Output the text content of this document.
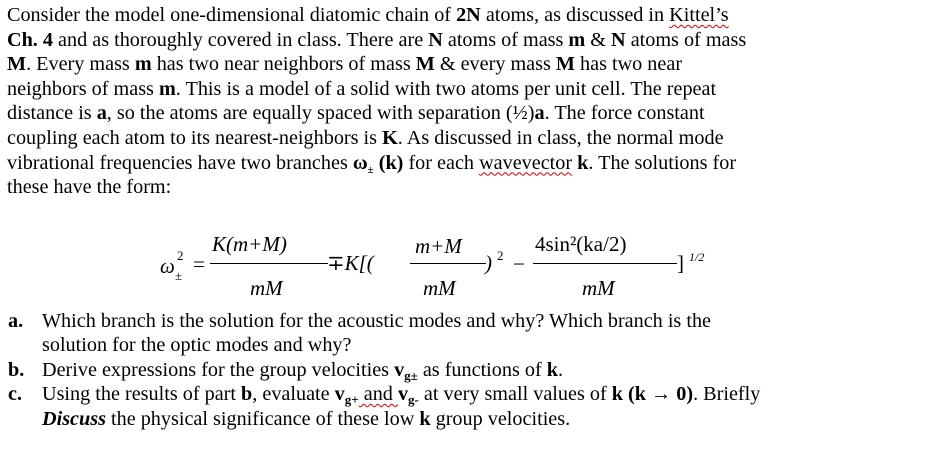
Consider the model one-dimensional diatomic chain of 2N atoms, as discussed in Kittel’s
Ch. 4 and as thoroughly covered in class. There are N atoms of mass m & N atoms of mass
M. Every mass m has two near neighbors of mass M & every mass M has two near
neighbors of mass m. This is a model of a solid with two atoms per unit cell. The repeat
distance is a, so the atoms are equally spaced with separation (½)a. The force constant
coupling each atom to its nearest-neighbors is K. As discussed in class, the normal mode
vibrational frequencies have two branches ω± (k) for each wavevector k. The solutions for
these have the form:
ω ±
2 =
K(m+M)
mM
∓K[(
m+M
mM
) 2 −
4sin²(ka/2)
mM
] 1/2
a. Which branch is the solution for the acoustic modes and why? Which branch is the
solution for the optic modes and why?
b. Derive expressions for the group velocities $v_{g\pm}$ as functions of k.
c. Using the results of part b, evaluate $v_{g+}$ and $v_{g-}$ at very small values of k (k → 0). Briefly
Discuss the physical significance of these low k group velocities.
